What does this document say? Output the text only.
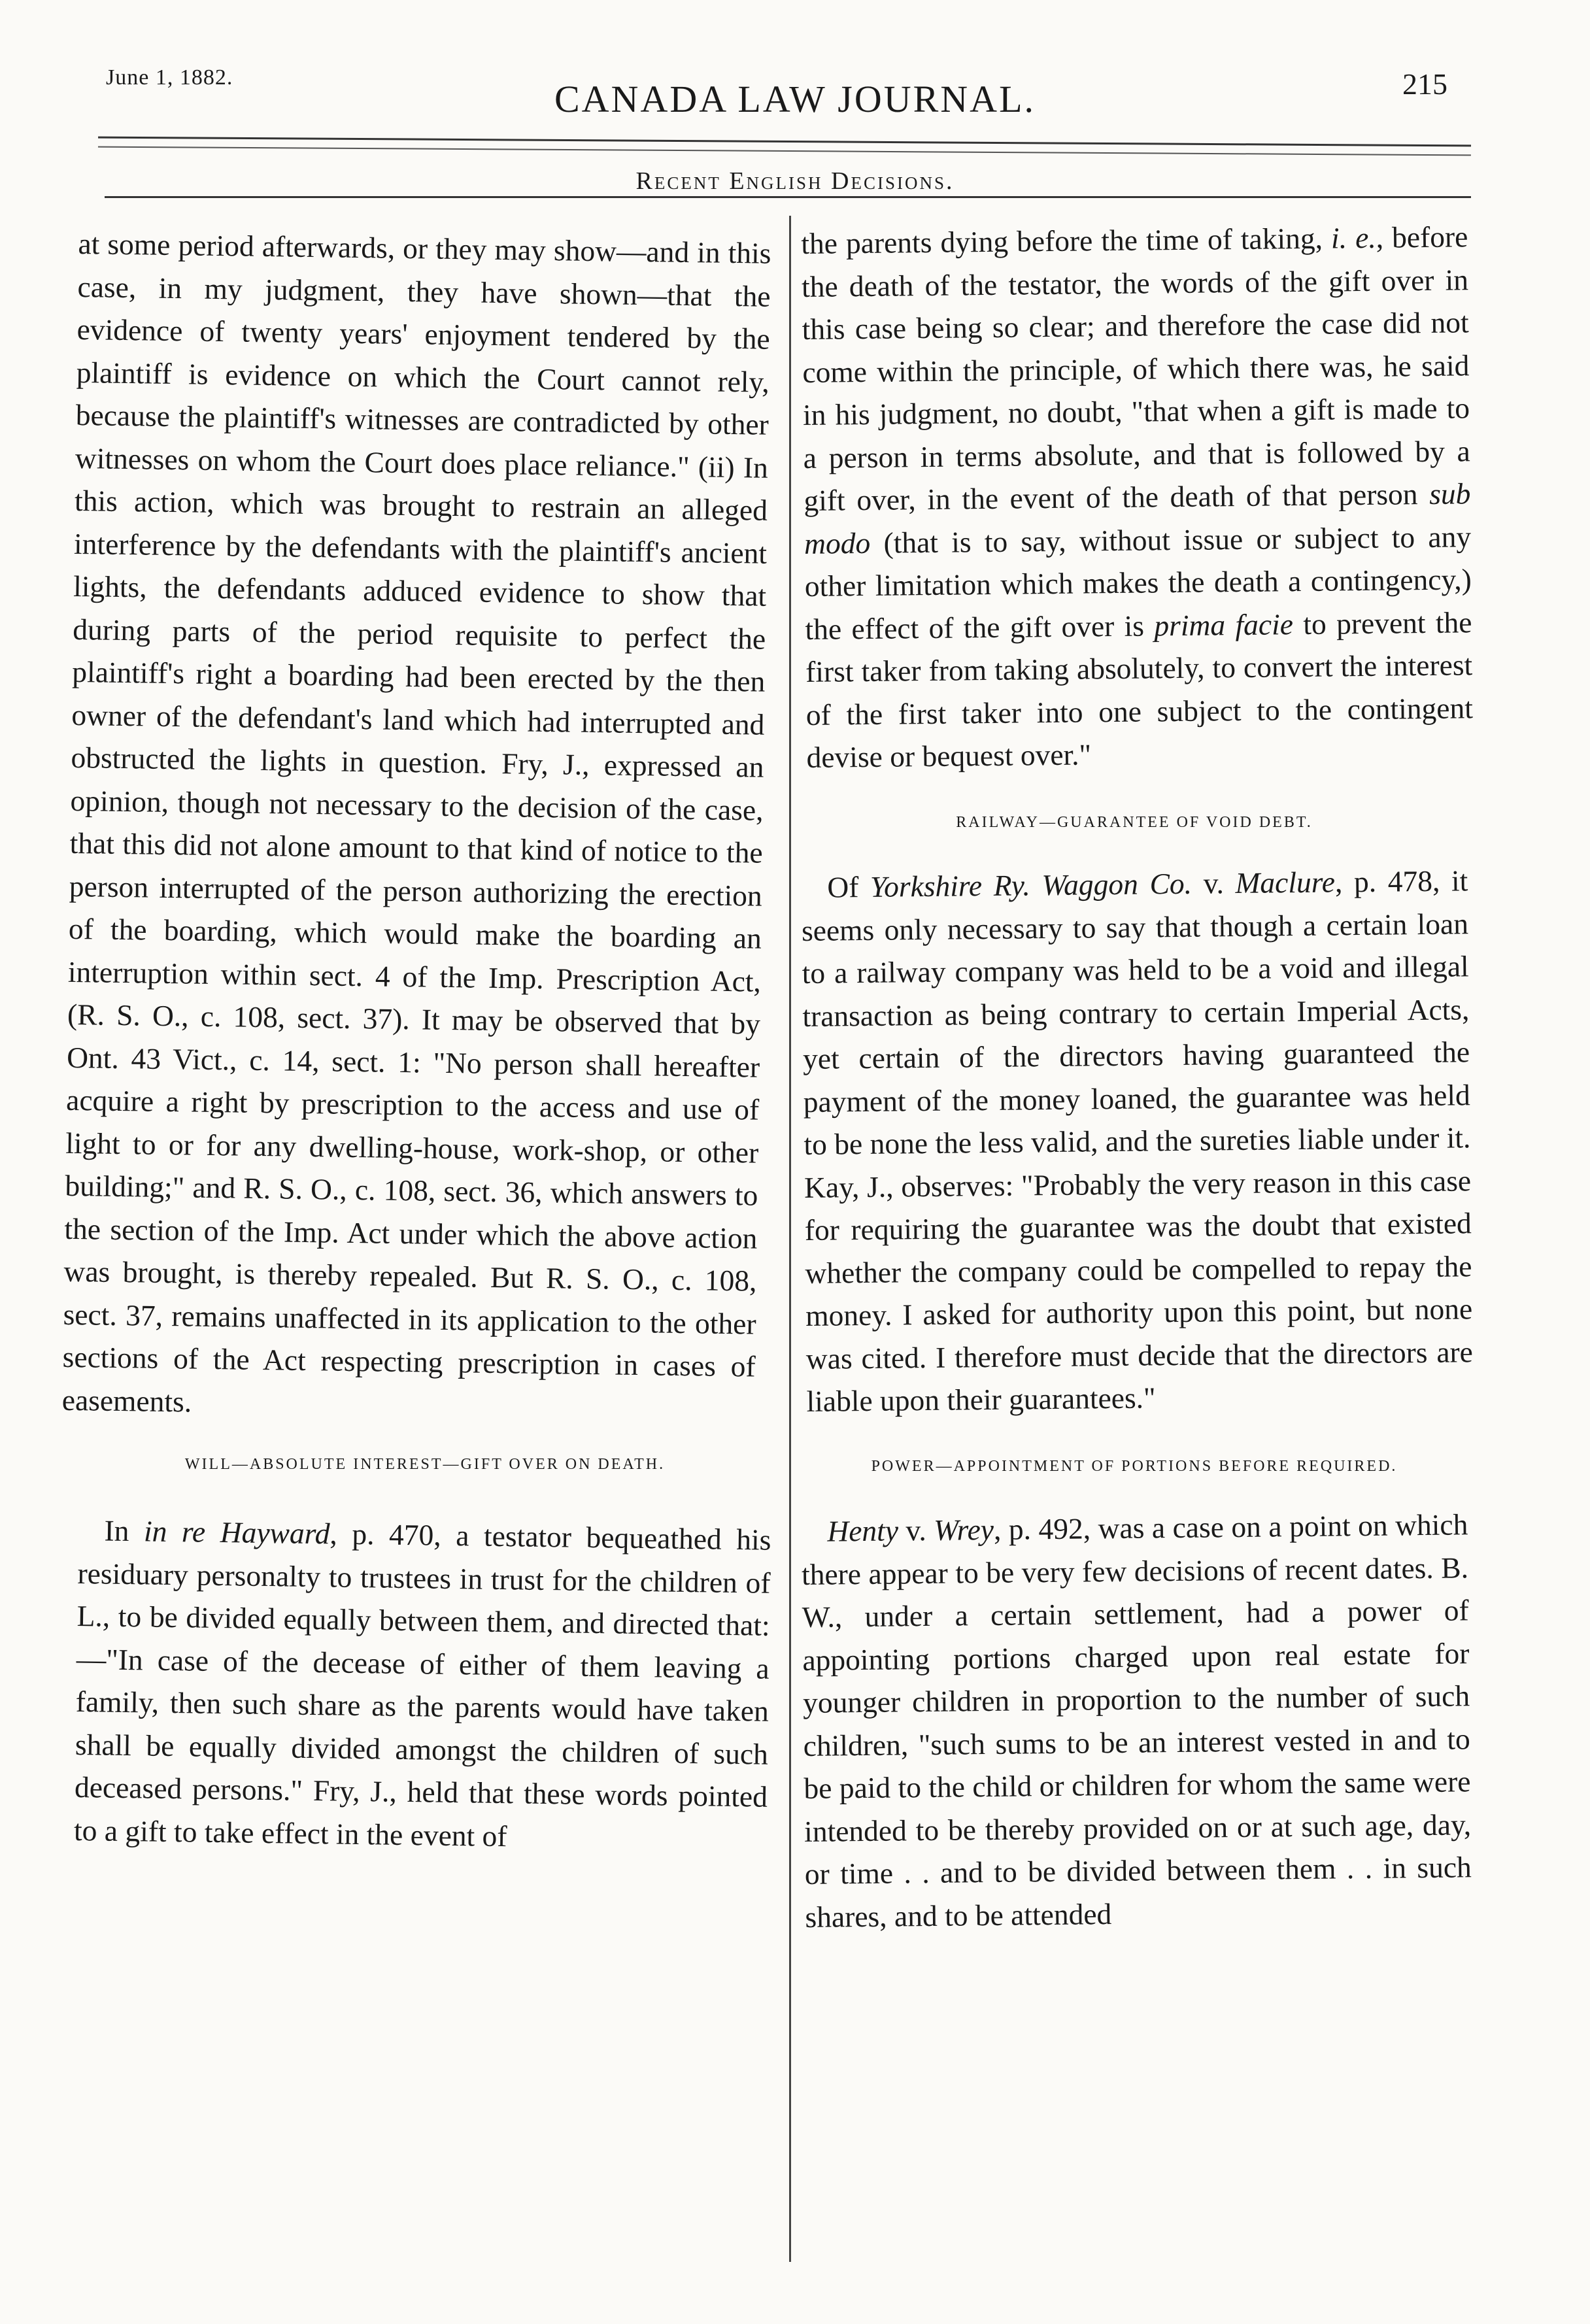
June 1, 1882.
CANADA LAW JOURNAL.	215
Recent English Decisions.

at some period afterwards, or they may show—and in this case, in my judgment, they have shown—that the evidence of twenty years' enjoyment tendered by the plaintiff is evidence on which the Court cannot rely, because the plaintiff's witnesses are contradicted by other witnesses on whom the Court does place reliance." (ii) In this action, which was brought to restrain an alleged interference by the defendants with the plaintiff's ancient lights, the defendants adduced evidence to show that during parts of the period requisite to perfect the plaintiff's right a boarding had been erected by the then owner of the defendant's land which had interrupted and obstructed the lights in question. Fry, J., expressed an opinion, though not necessary to the decision of the case, that this did not alone amount to that kind of notice to the person interrupted of the person authorizing the erection of the boarding, which would make the boarding an interruption within sect. 4 of the Imp. Prescription Act, (R. S. O., c. 108, sect. 37). It may be observed that by Ont. 43 Vict., c. 14, sect. 1: "No person shall hereafter acquire a right by prescription to the access and use of light to or for any dwelling-house, work-shop, or other building;" and R. S. O., c. 108, sect. 36, which answers to the section of the Imp. Act under which the above action was brought, is thereby repealed. But R. S. O., c. 108, sect. 37, remains unaffected in its application to the other sections of the Act respecting prescription in cases of easements.

WILL—ABSOLUTE INTEREST—GIFT OVER ON DEATH.

In in re Hayward, p. 470, a testator bequeathed his residuary personalty to trustees in trust for the children of L., to be divided equally between them, and directed that:—"In case of the decease of either of them leaving a family, then such share as the parents would have taken shall be equally divided amongst the children of such deceased persons." Fry, J., held that these words pointed to a gift to take effect in the event of

the parents dying before the time of taking, i. e., before the death of the testator, the words of the gift over in this case being so clear; and therefore the case did not come within the principle, of which there was, he said in his judgment, no doubt, "that when a gift is made to a person in terms absolute, and that is followed by a gift over, in the event of the death of that person sub modo (that is to say, without issue or subject to any other limitation which makes the death a contingency,) the effect of the gift over is prima facie to prevent the first taker from taking absolutely, to convert the interest of the first taker into one subject to the contingent devise or bequest over."

RAILWAY—GUARANTEE OF VOID DEBT.

Of Yorkshire Ry. Waggon Co. v. Maclure, p. 478, it seems only necessary to say that though a certain loan to a railway company was held to be a void and illegal transaction as being contrary to certain Imperial Acts, yet certain of the directors having guaranteed the payment of the money loaned, the guarantee was held to be none the less valid, and the sureties liable under it. Kay, J., observes: "Probably the very reason in this case for requiring the guarantee was the doubt that existed whether the company could be compelled to repay the money. I asked for authority upon this point, but none was cited. I therefore must decide that the directors are liable upon their guarantees."

POWER—APPOINTMENT OF PORTIONS BEFORE REQUIRED.

Henty v. Wrey, p. 492, was a case on a point on which there appear to be very few decisions of recent dates. B. W., under a certain settlement, had a power of appointing portions charged upon real estate for younger children in proportion to the number of such children, "such sums to be an interest vested in and to be paid to the child or children for whom the same were intended to be thereby provided on or at such age, day, or time . . and to be divided between them . . in such shares, and to be attended
